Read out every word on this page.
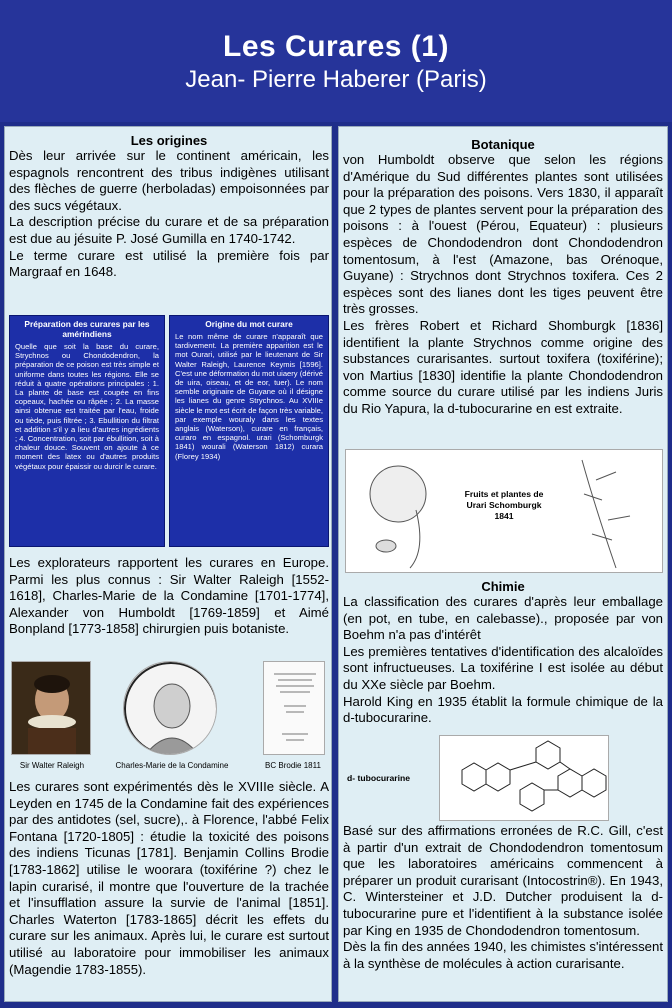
Les Curares (1)
Jean- Pierre Haberer (Paris)
Les origines

Dès leur arrivée sur le continent américain, les espagnols rencontrent des tribus indigènes utilisant des flèches de guerre (herboladas) empoisonnées par des sucs végétaux.

La description précise du curare et de sa préparation est due au jésuite P. José Gumilla en 1740-1742.

Le terme curare est utilisé la première fois par Margraaf en 1648.

Préparation des curares par les amérindiens
Quelle que soit la base du curare, Strychnos ou Chondodendron, la préparation de ce poison est très simple et uniforme dans toutes les régions. Elle se réduit à quatre opérations principales : 1. La plante de base est coupée en fins copeaux, hachée ou râpée ; 2. La masse ainsi obtenue est traitée par l'eau, froide ou tiède, puis filtrée ; 3. Ebullition du filtrat et addition s'il y a lieu d'autres ingrédients ; 4. Concentration, soit par ébullition, soit à chaleur douce. Souvent on ajoute à ce moment des latex ou d'autres produits végétaux pour épaissir ou durcir le curare.
Origine du mot curare
Le nom même de curare n'apparaît que tardivement. La première apparition est le mot Ourari, utilisé par le lieutenant de Sir Walter Raleigh, Laurence Keymis [1596]. C'est une déformation du mot uiaery (dérivé de uira, oiseau, et de eor, tuer). Le nom semble originaire de Guyane où il désigne les lianes du genre Strychnos. Au XVIIIe siècle le mot est écrit de façon très variable, par exemple wouraly dans les textes anglais (Waterson), curare en français, curaro en espagnol. urari (Schomburgk 1841) wourali (Waterson 1812) curara (Florey 1934)

Les explorateurs rapportent les curares en Europe. Parmi les plus connus : Sir Walter Raleigh [1552-1618], Charles-Marie de la Condamine [1701-1774], Alexander von Humboldt [1769-1859] et Aimé Bonpland [1773-1858] chirurgien puis botaniste.

Sir Walter Raleigh	Charles-Marie de la Condamine	BC Brodie 1811

Les curares sont expérimentés dès le XVIIIe siècle. A Leyden en 1745 de la Condamine fait des expériences par des antidotes (sel, sucre),. à Florence, l'abbé Felix Fontana [1720-1805] : étudie la toxicité des poisons des indiens Ticunas [1781]. Benjamin Collins Brodie [1783-1862] utilise le woorara (toxiférine ?) chez le lapin curarisé, il montre que l'ouverture de la trachée et l'insufflation assure la survie de l'animal [1851]. Charles Waterton [1783-1865] décrit les effets du curare sur les animaux. Après lui, le curare est surtout utilisé au laboratoire pour immobiliser les animaux (Magendie 1783-1855).

Botanique

von Humboldt observe que selon les régions d'Amérique du Sud différentes plantes sont utilisées pour la préparation des poisons. Vers 1830, il apparaît que 2 types de plantes servent pour la préparation des poisons : à l'ouest (Pérou, Equateur) : plusieurs espèces de Chondodendron dont Chondodendron tomentosum, à l'est (Amazone, bas Orénoque, Guyane) : Strychnos dont Strychnos toxifera. Ces 2 espèces sont des lianes dont les tiges peuvent être très grosses.

Les frères Robert et Richard Shomburgk [1836] identifient la plante Strychnos comme origine des substances curarisantes. surtout toxifera (toxiférine); von Martius [1830] identifie la plante Chondodendron comme source du curare utilisé par les indiens Juris du Rio Yapura, la d-tubocurarine en est extraite.

Fruits et plantes de Urari Schomburgk 1841
Chimie

La classification des curares d'après leur emballage (en pot, en tube, en calebasse)., proposée par von Boehm n'a pas d'intérêt

Les premières tentatives d'identification des alcaloïdes sont infructueuses. La toxiférine I est isolée au début du XXe siècle par Boehm.

Harold King en 1935 établit la formule chimique de la d-tubocurarine.

d- tubocurarine

Basé sur des affirmations erronées de R.C. Gill, c'est à partir d'un extrait de Chondodendron tomentosum que les laboratoires américains commencent à préparer un produit curarisant (Intocostrin®). En 1943, C. Wintersteiner et J.D. Dutcher produisent la d-tubocurarine pure et l'identifient à la substance isolée par King en 1935 de Chondodendron tomentosum.

Dès la fin des années 1940, les chimistes s'intéressent à la synthèse de molécules à action curarisante.
